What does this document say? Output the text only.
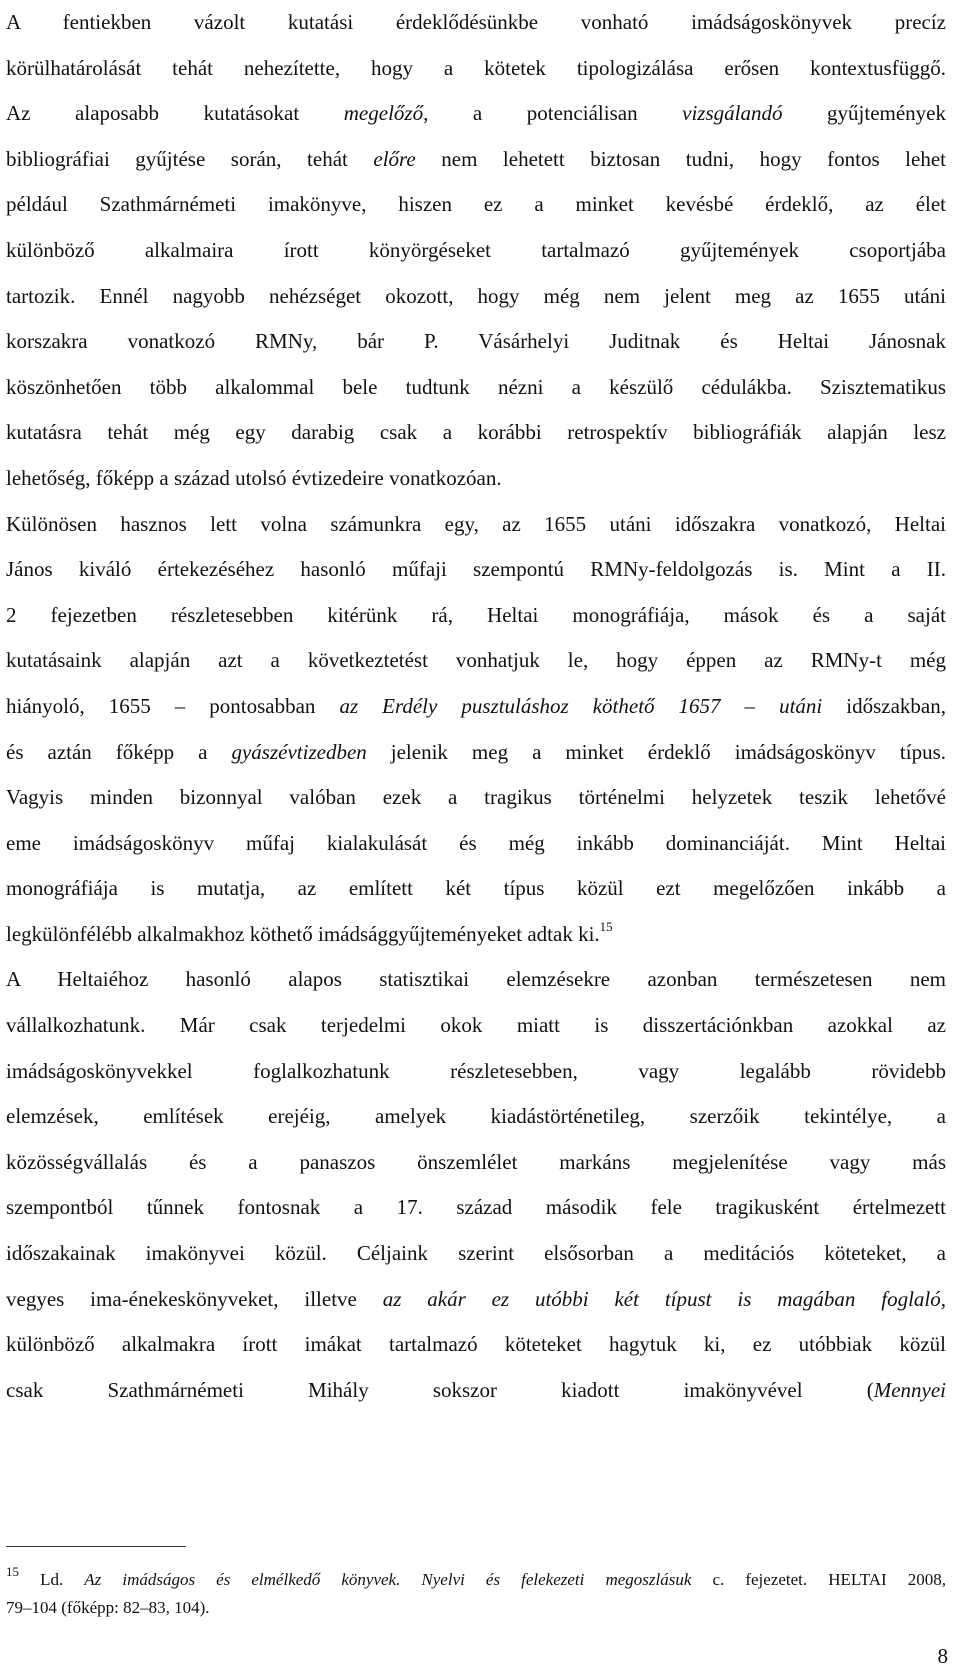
A fentiekben vázolt kutatási érdeklődésünkbe vonható imádságoskönyvek precíz
körülhatárolását tehát nehezítette, hogy a kötetek tipologizálása erősen kontextusfüggő.
Az alaposabb kutatásokat megelőző, a potenciálisan vizsgálandó gyűjtemények
bibliográfiai gyűjtése során, tehát előre nem lehetett biztosan tudni, hogy fontos lehet
például Szathmárnémeti imakönyve, hiszen ez a minket kevésbé érdeklő, az élet
különböző alkalmaira írott könyörgéseket tartalmazó gyűjtemények csoportjába
tartozik. Ennél nagyobb nehézséget okozott, hogy még nem jelent meg az 1655 utáni
korszakra vonatkozó RMNy, bár P. Vásárhelyi Juditnak és Heltai Jánosnak
köszönhetően több alkalommal bele tudtunk nézni a készülő cédulákba. Szisztematikus
kutatásra tehát még egy darabig csak a korábbi retrospektív bibliográfiák alapján lesz
lehetőség, főképp a század utolsó évtizedeire vonatkozóan.
Különösen hasznos lett volna számunkra egy, az 1655 utáni időszakra vonatkozó, Heltai
János kiváló értekezéséhez hasonló műfaji szempontú RMNy-feldolgozás is. Mint a II.
2 fejezetben részletesebben kitérünk rá, Heltai monográfiája, mások és a saját
kutatásaink alapján azt a következtetést vonhatjuk le, hogy éppen az RMNy-t még
hiányoló, 1655 – pontosabban az Erdély pusztuláshoz köthető 1657 – utáni időszakban,
és aztán főképp a gyászévtizedben jelenik meg a minket érdeklő imádságoskönyv típus.
Vagyis minden bizonnyal valóban ezek a tragikus történelmi helyzetek teszik lehetővé
eme imádságoskönyv műfaj kialakulását és még inkább dominanciáját. Mint Heltai
monográfiája is mutatja, az említett két típus közül ezt megelőzően inkább a
legkülönfélébb alkalmakhoz köthető imádsággyűjteményeket adtak ki.$^{15}$
A Heltaiéhoz hasonló alapos statisztikai elemzésekre azonban természetesen nem
vállalkozhatunk. Már csak terjedelmi okok miatt is disszertációnkban azokkal az
imádságoskönyvekkel foglalkozhatunk részletesebben, vagy legalább rövidebb
elemzések, említések erejéig, amelyek kiadástörténetileg, szerzőik tekintélye, a
közösségvállalás és a panaszos önszemlélet markáns megjelenítése vagy más
szempontból tűnnek fontosnak a 17. század második fele tragikusként értelmezett
időszakainak imakönyvei közül. Céljaink szerint elsősorban a meditációs köteteket, a
vegyes ima-énekeskönyveket, illetve az akár ez utóbbi két típust is magában foglaló,
különböző alkalmakra írott imákat tartalmazó köteteket hagytuk ki, ez utóbbiak közül
csak Szathmárnémeti Mihály sokszor kiadott imakönyvével (Mennyei
$^{15}$ Ld. Az imádságos és elmélkedő könyvek. Nyelvi és felekezeti megoszlásuk c. fejezetet. HELTAI 2008,
79–104 (főképp: 82–83, 104).
8
